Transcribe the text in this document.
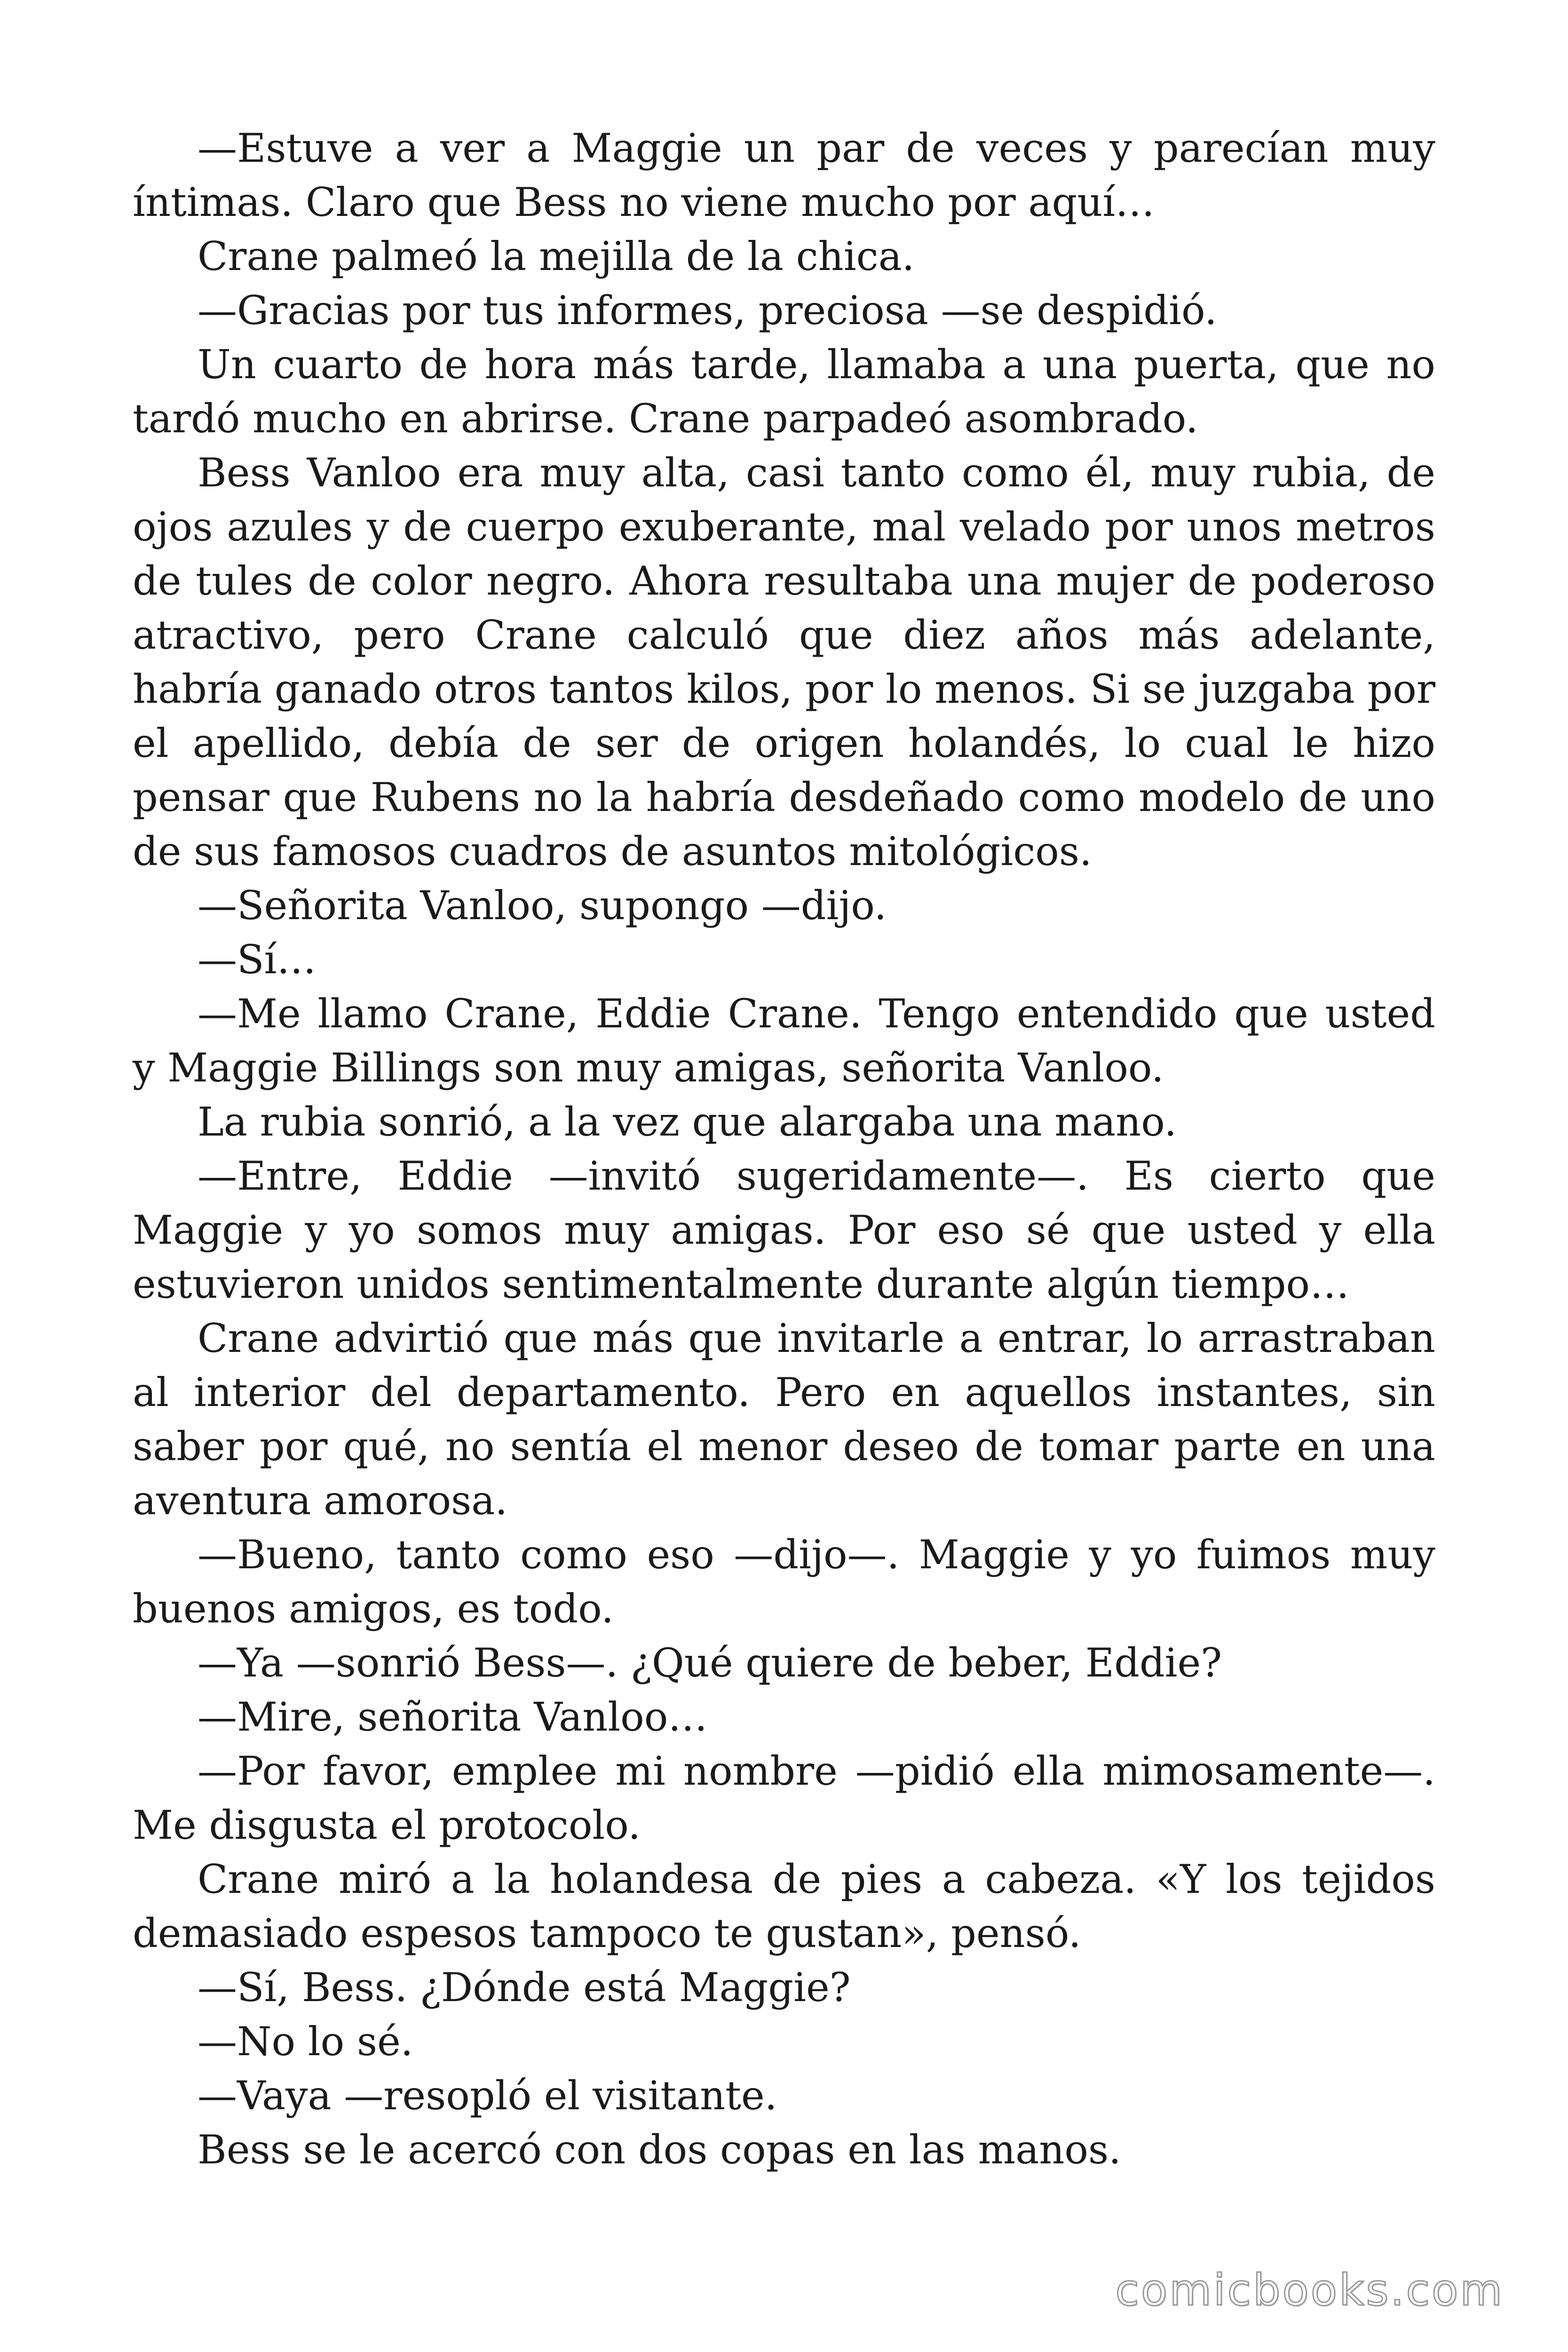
—Estuve a ver a Maggie un par de veces y parecían muy íntimas. Claro que Bess no viene mucho por aquí…

Crane palmeó la mejilla de la chica.

—Gracias por tus informes, preciosa —se despidió.

Un cuarto de hora más tarde, llamaba a una puerta, que no tardó mucho en abrirse. Crane parpadeó asombrado.

Bess Vanloo era muy alta, casi tanto como él, muy rubia, de ojos azules y de cuerpo exuberante, mal velado por unos metros de tules de color negro. Ahora resultaba una mujer de poderoso atractivo, pero Crane calculó que diez años más adelante, habría ganado otros tantos kilos, por lo menos. Si se juzgaba por el apellido, debía de ser de origen holandés, lo cual le hizo pensar que Rubens no la habría desdeñado como modelo de uno de sus famosos cuadros de asuntos mitológicos.

—Señorita Vanloo, supongo —dijo.

—Sí…

—Me llamo Crane, Eddie Crane. Tengo entendido que usted y Maggie Billings son muy amigas, señorita Vanloo.

La rubia sonrió, a la vez que alargaba una mano.

—Entre, Eddie —invitó sugeridamente—. Es cierto que Maggie y yo somos muy amigas. Por eso sé que usted y ella estuvieron unidos sentimentalmente durante algún tiempo…

Crane advirtió que más que invitarle a entrar, lo arrastraban al interior del departamento. Pero en aquellos instantes, sin saber por qué, no sentía el menor deseo de tomar parte en una aventura amorosa.

—Bueno, tanto como eso —dijo—. Maggie y yo fuimos muy buenos amigos, es todo.

—Ya —sonrió Bess—. ¿Qué quiere de beber, Eddie?

—Mire, señorita Vanloo…

—Por favor, emplee mi nombre —pidió ella mimosamente—. Me disgusta el protocolo.

Crane miró a la holandesa de pies a cabeza. «Y los tejidos demasiado espesos tampoco te gustan», pensó.

—Sí, Bess. ¿Dónde está Maggie?

—No lo sé.

—Vaya —resopló el visitante.

Bess se le acercó con dos copas en las manos.

comicbooks.com
